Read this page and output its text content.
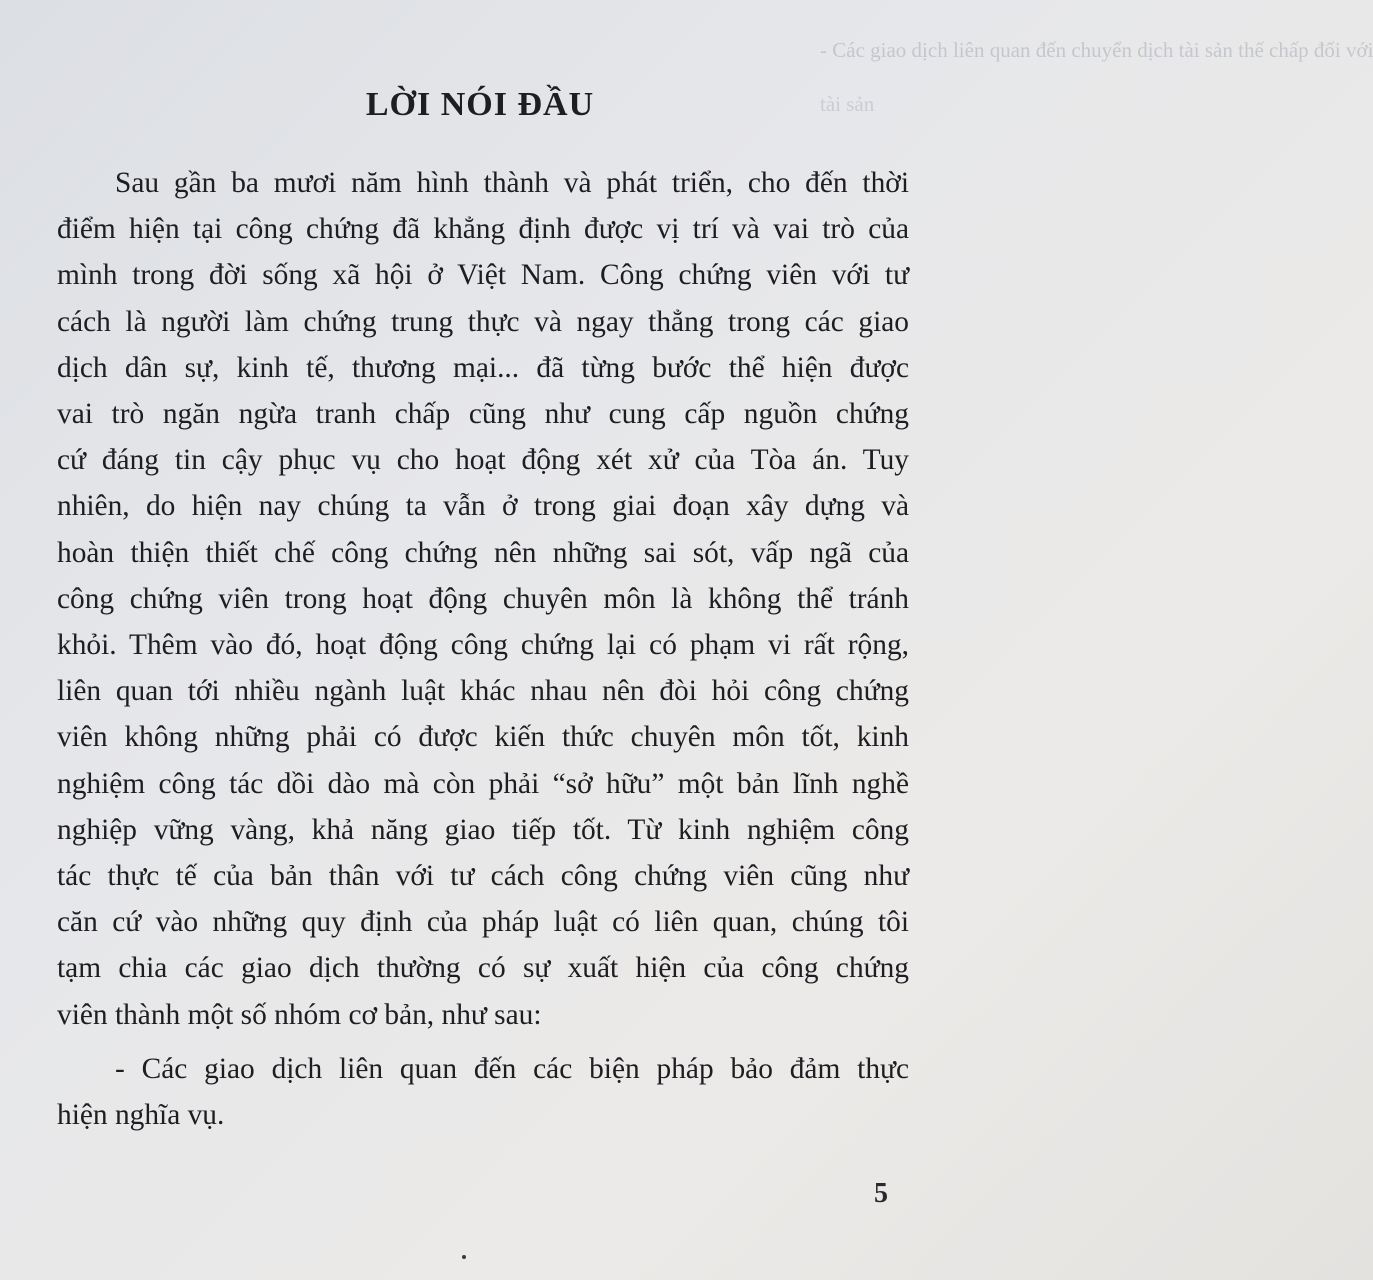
- Các giao dịch liên quan đến chuyển dịch tài sản thế chấp đối với
tài sản
LỜI NÓI ĐẦU
Sau gần ba mươi năm hình thành và phát triển, cho đến thời
điểm hiện tại công chứng đã khẳng định được vị trí và vai trò của
mình trong đời sống xã hội ở Việt Nam. Công chứng viên với tư
cách là người làm chứng trung thực và ngay thẳng trong các giao
dịch dân sự, kinh tế, thương mại... đã từng bước thể hiện được
vai trò ngăn ngừa tranh chấp cũng như cung cấp nguồn chứng
cứ đáng tin cậy phục vụ cho hoạt động xét xử của Tòa án. Tuy
nhiên, do hiện nay chúng ta vẫn ở trong giai đoạn xây dựng và
hoàn thiện thiết chế công chứng nên những sai sót, vấp ngã của
công chứng viên trong hoạt động chuyên môn là không thể tránh
khỏi. Thêm vào đó, hoạt động công chứng lại có phạm vi rất rộng,
liên quan tới nhiều ngành luật khác nhau nên đòi hỏi công chứng
viên không những phải có được kiến thức chuyên môn tốt, kinh
nghiệm công tác dồi dào mà còn phải “sở hữu” một bản lĩnh nghề
nghiệp vững vàng, khả năng giao tiếp tốt. Từ kinh nghiệm công
tác thực tế của bản thân với tư cách công chứng viên cũng như
căn cứ vào những quy định của pháp luật có liên quan, chúng tôi
tạm chia các giao dịch thường có sự xuất hiện của công chứng
viên thành một số nhóm cơ bản, như sau:
- Các giao dịch liên quan đến các biện pháp bảo đảm thực
hiện nghĩa vụ.
5
